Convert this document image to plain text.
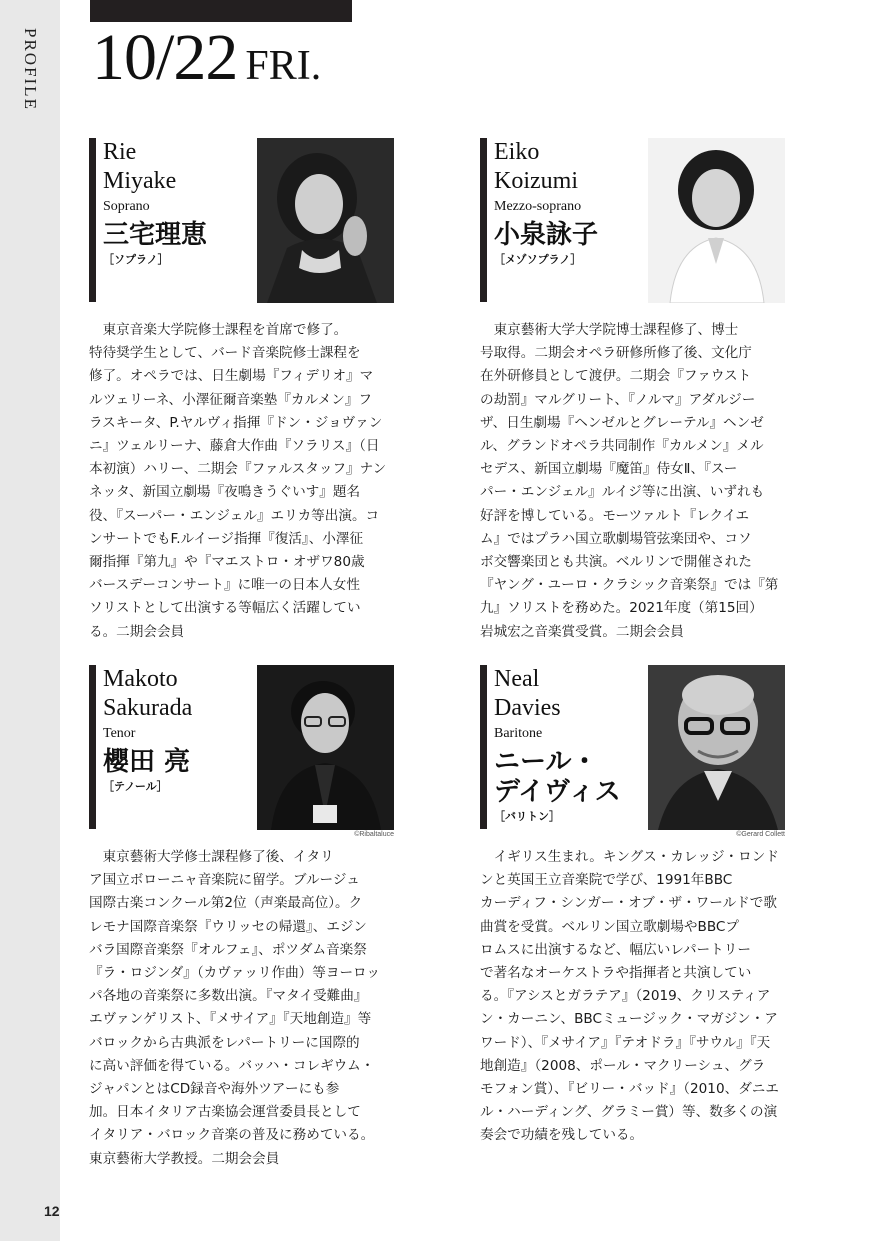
PROFILE
12
10/22 FRI.
Rie
Miyake
Soprano
三宅理恵
［ソプラノ］
　東京音楽大学院修士課程を首席で修了。
特待奨学生として、バード音楽院修士課程を
修了。オペラでは、日生劇場『フィデリオ』マ
ルツェリーネ、小澤征爾音楽塾『カルメン』フ
ラスキータ、P.ヤルヴィ指揮『ドン・ジョヴァン
ニ』ツェルリーナ、藤倉大作曲『ソラリス』（日
本初演）ハリー、二期会『ファルスタッフ』ナン
ネッタ、新国立劇場『夜鳴きうぐいす』題名
役、『スーパー・エンジェル』エリカ等出演。コ
ンサートでもF.ルイージ指揮『復活』、小澤征
爾指揮『第九』や『マエストロ・オザワ80歳
バースデーコンサート』に唯一の日本人女性
ソリストとして出演する等幅広く活躍してい
る。二期会会員
Eiko
Koizumi
Mezzo-soprano
小泉詠子
［メゾソプラノ］
　東京藝術大学大学院博士課程修了、博士
号取得。二期会オペラ研修所修了後、文化庁
在外研修員として渡伊。二期会『ファウスト
の劫罰』マルグリート、『ノルマ』アダルジー
ザ、日生劇場『ヘンゼルとグレーテル』ヘンゼ
ル、グランドオペラ共同制作『カルメン』メル
セデス、新国立劇場『魔笛』侍女Ⅱ、『スー
パー・エンジェル』ルイジ等に出演、いずれも
好評を博している。モーツァルト『レクイエ
ム』ではプラハ国立歌劇場管弦楽団や、コソ
ボ交響楽団とも共演。ベルリンで開催された
『ヤング・ユーロ・クラシック音楽祭』では『第
九』ソリストを務めた。2021年度（第15回）
岩城宏之音楽賞受賞。二期会会員
Makoto
Sakurada
Tenor
櫻田 亮
［テノール］
©Ribaltaluce
　東京藝術大学修士課程修了後、イタリ
ア国立ボローニャ音楽院に留学。ブルージュ
国際古楽コンクール第2位（声楽最高位）。ク
レモナ国際音楽祭『ウリッセの帰還』、エジン
バラ国際音楽祭『オルフェ』、ポツダム音楽祭
『ラ・ロジンダ』（カヴァッリ作曲）等ヨーロッ
パ各地の音楽祭に多数出演。『マタイ受難曲』
エヴァンゲリスト、『メサイア』『天地創造』等
バロックから古典派をレパートリーに国際的
に高い評価を得ている。バッハ・コレギウム・
ジャパンとはCD録音や海外ツアーにも参
加。日本イタリア古楽協会運営委員長として
イタリア・バロック音楽の普及に務めている。
東京藝術大学教授。二期会会員
Neal
Davies
Baritone
ニール・
デイヴィス
［バリトン］
©Gerard Collett
　イギリス生まれ。キングス・カレッジ・ロンド
ンと英国王立音楽院で学び、1991年BBC
カーディフ・シンガー・オブ・ザ・ワールドで歌
曲賞を受賞。ベルリン国立歌劇場やBBCプ
ロムスに出演するなど、幅広いレパートリー
で著名なオーケストラや指揮者と共演してい
る。『アシスとガラテア』（2019、クリスティア
ン・カーニン、BBCミュージック・マガジン・ア
ワード）、『メサイア』『テオドラ』『サウル』『天
地創造』（2008、ポール・マクリーシュ、グラ
モフォン賞）、『ビリー・バッド』（2010、ダニエ
ル・ハーディング、グラミー賞）等、数多くの演
奏会で功績を残している。
